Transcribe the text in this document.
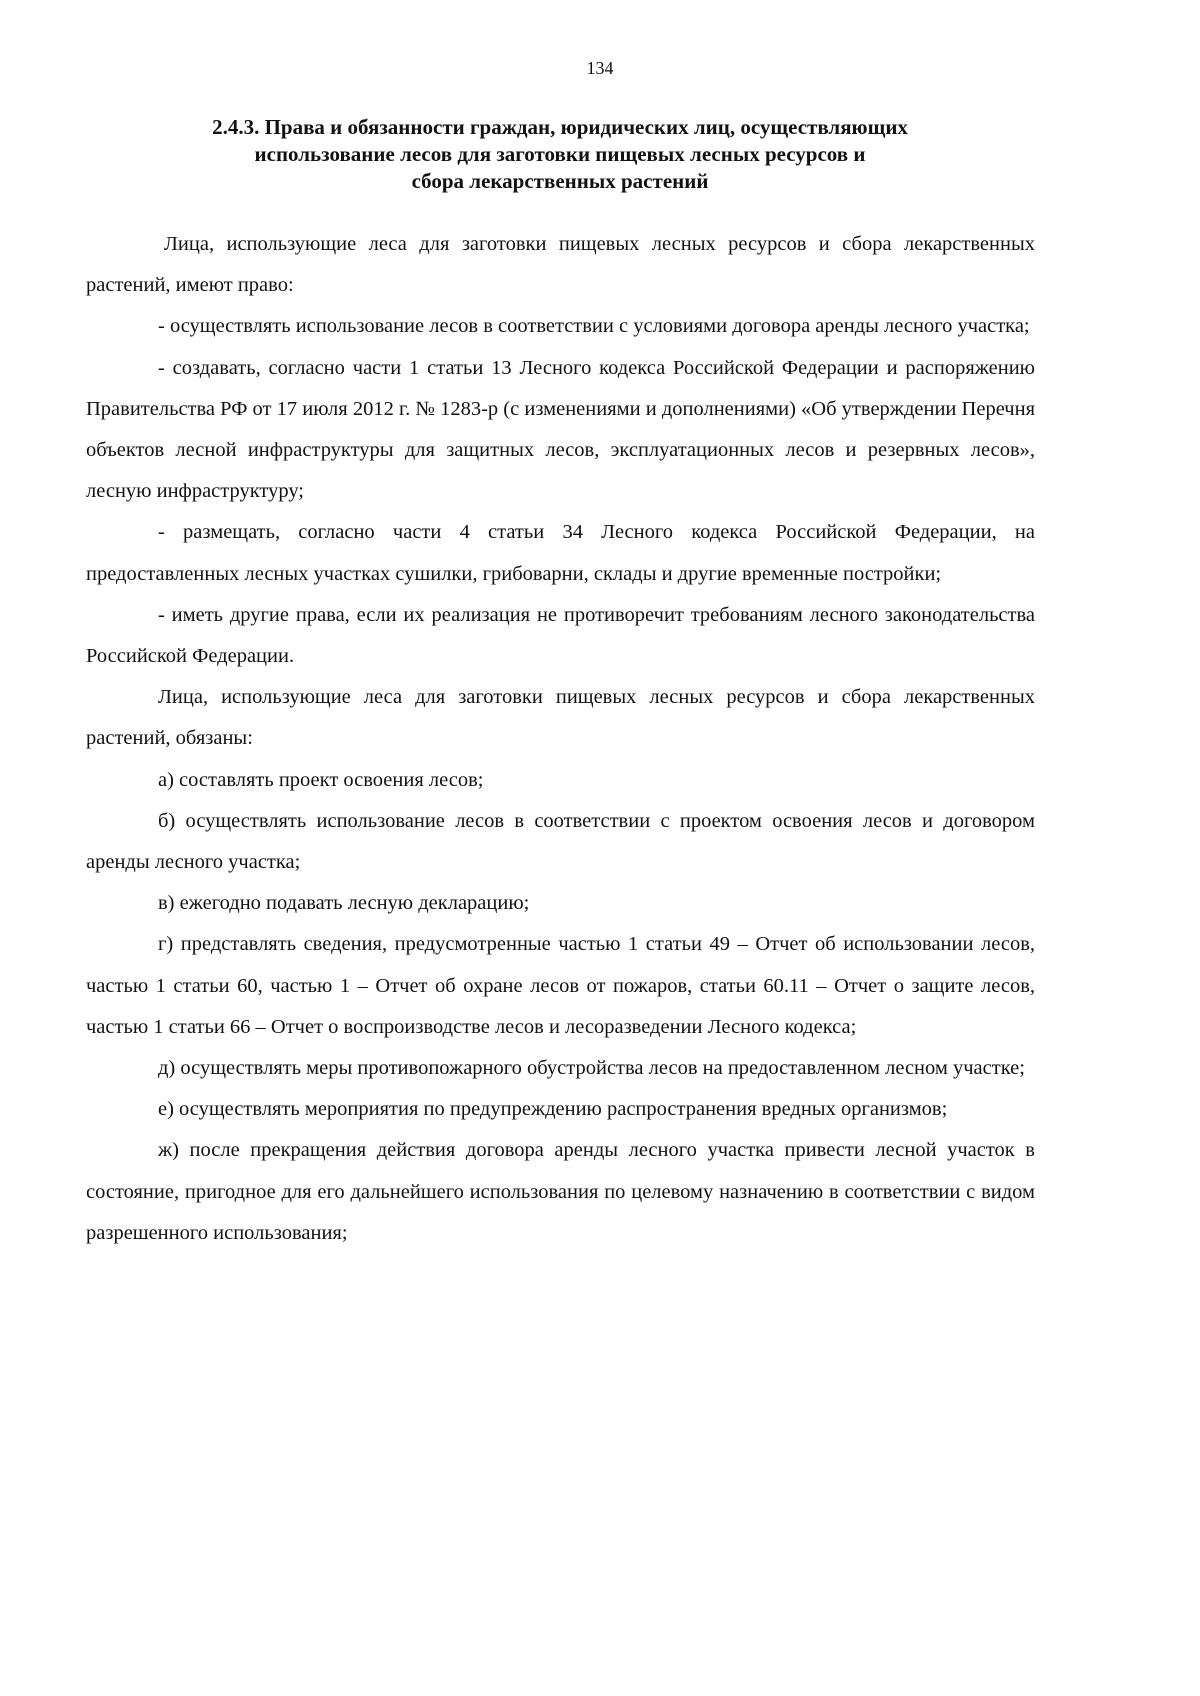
134
2.4.3. Права и обязанности граждан, юридических лиц, осуществляющих
использование лесов для заготовки пищевых лесных ресурсов и
сбора лекарственных растений

Лица, использующие леса для заготовки пищевых лесных ресурсов и сбора лекарственных растений, имеют право:

- осуществлять использование лесов в соответствии с условиями договора аренды лесного участка;

- создавать, согласно части 1 статьи 13 Лесного кодекса Российской Федерации и распоряжению Правительства РФ от 17 июля 2012 г. № 1283-р (с изменениями и дополнениями) «Об утверждении Перечня объектов лесной инфраструктуры для защитных лесов, эксплуатационных лесов и резервных лесов», лесную инфраструктуру;

- размещать, согласно части 4 статьи 34 Лесного кодекса Российской Федерации, на предоставленных лесных участках сушилки, грибоварни, склады и другие временные постройки;

- иметь другие права, если их реализация не противоречит требованиям лесного законодательства Российской Федерации.

Лица, использующие леса для заготовки пищевых лесных ресурсов и сбора лекарственных растений, обязаны:

а) составлять проект освоения лесов;

б) осуществлять использование лесов в соответствии с проектом освоения лесов и договором аренды лесного участка;

в) ежегодно подавать лесную декларацию;

г) представлять сведения, предусмотренные частью 1 статьи 49 – Отчет об использовании лесов, частью 1 статьи 60, частью 1 – Отчет об охране лесов от пожаров, статьи 60.11 – Отчет о защите лесов, частью 1 статьи 66 – Отчет о воспроизводстве лесов и лесоразведении Лесного кодекса;

д) осуществлять меры противопожарного обустройства лесов на предоставленном лесном участке;

е) осуществлять мероприятия по предупреждению распространения вредных организмов;

ж) после прекращения действия договора аренды лесного участка привести лесной участок в состояние, пригодное для его дальнейшего использования по целевому назначению в соответствии с видом разрешенного использования;
